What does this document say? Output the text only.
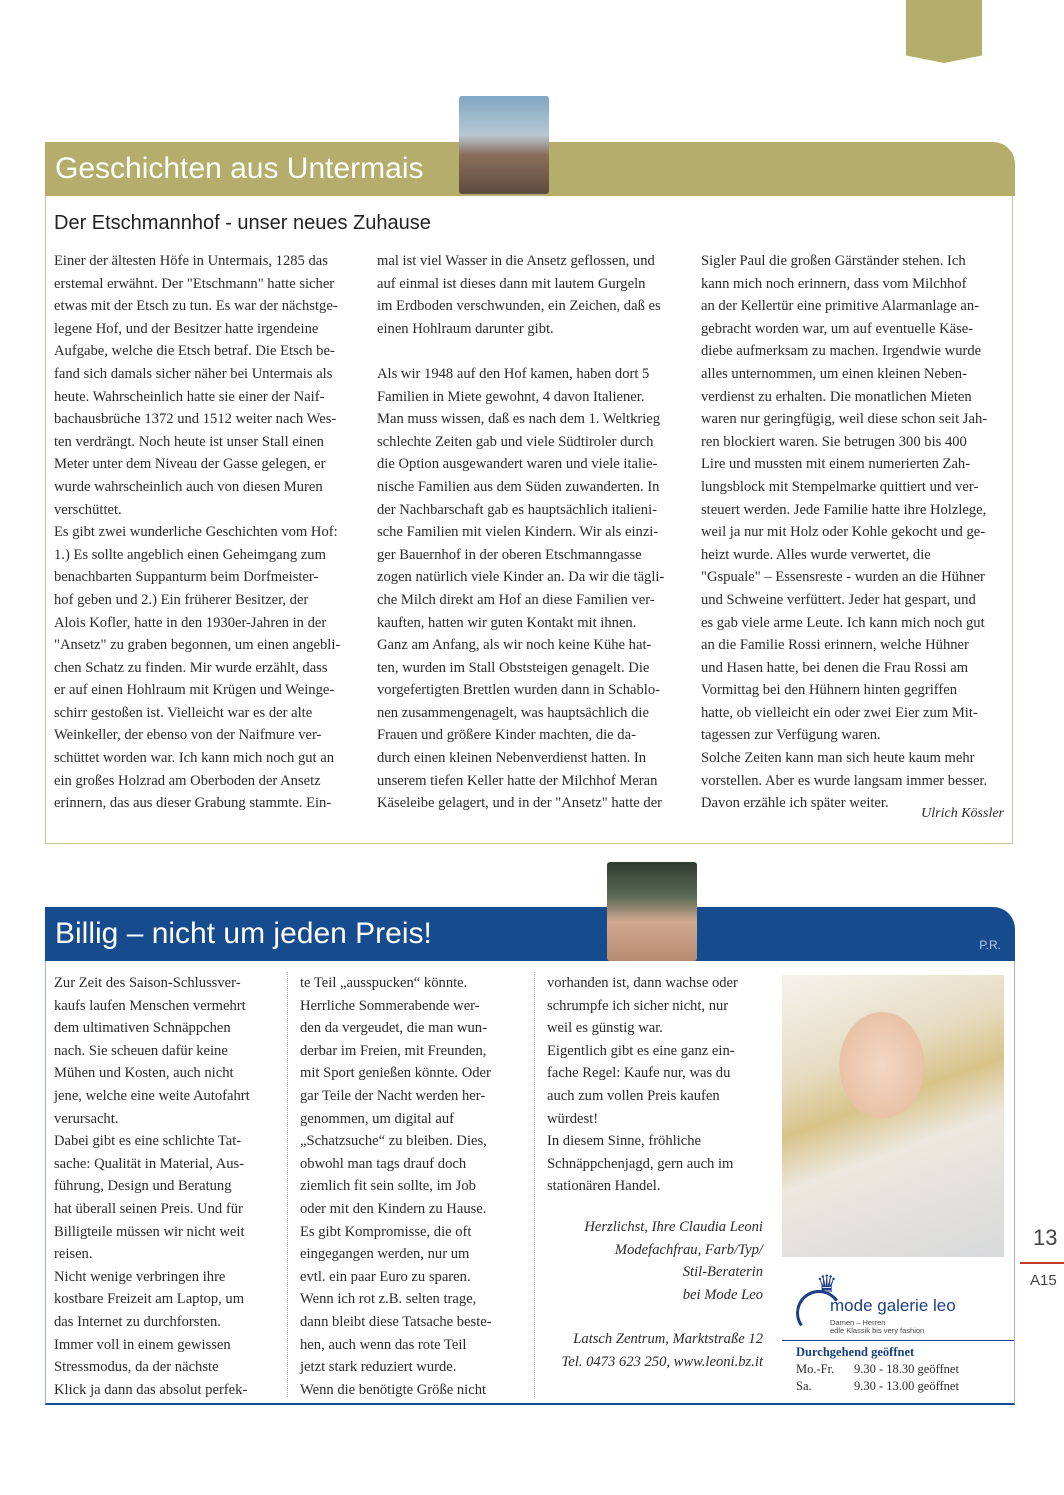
Geschichten aus Untermais
Der Etschmannhof - unser neues Zuhause
Einer der ältesten Höfe in Untermais, 1285 das
erstemal erwähnt. Der "Etschmann" hatte sicher
etwas mit der Etsch zu tun. Es war der nächstge-
legene Hof, und der Besitzer hatte irgendeine
Aufgabe, welche die Etsch betraf. Die Etsch be-
fand sich damals sicher näher bei Untermais als
heute. Wahrscheinlich hatte sie einer der Naif-
bachausbrüche 1372 und 1512 weiter nach Wes-
ten verdrängt. Noch heute ist unser Stall einen
Meter unter dem Niveau der Gasse gelegen, er
wurde wahrscheinlich auch von diesen Muren
verschüttet.
Es gibt zwei wunderliche Geschichten vom Hof:
1.) Es sollte angeblich einen Geheimgang zum
benachbarten Suppanturm beim Dorfmeister-
hof geben und 2.) Ein früherer Besitzer, der
Alois Kofler, hatte in den 1930er-Jahren in der
"Ansetz" zu graben begonnen, um einen angebli-
chen Schatz zu finden. Mir wurde erzählt, dass
er auf einen Hohlraum mit Krügen und Weinge-
schirr gestoßen ist. Vielleicht war es der alte
Weinkeller, der ebenso von der Naifmure ver-
schüttet worden war. Ich kann mich noch gut an
ein großes Holzrad am Oberboden der Ansetz
erinnern, das aus dieser Grabung stammte. Ein-
mal ist viel Wasser in die Ansetz geflossen, und
auf einmal ist dieses dann mit lautem Gurgeln
im Erdboden verschwunden, ein Zeichen, daß es
einen Hohlraum darunter gibt.
Als wir 1948 auf den Hof kamen, haben dort 5
Familien in Miete gewohnt, 4 davon Italiener.
Man muss wissen, daß es nach dem 1. Weltkrieg
schlechte Zeiten gab und viele Südtiroler durch
die Option ausgewandert waren und viele italie-
nische Familien aus dem Süden zuwanderten. In
der Nachbarschaft gab es hauptsächlich italieni-
sche Familien mit vielen Kindern. Wir als einzi-
ger Bauernhof in der oberen Etschmanngasse
zogen natürlich viele Kinder an. Da wir die tägli-
che Milch direkt am Hof an diese Familien ver-
kauften, hatten wir guten Kontakt mit ihnen.
Ganz am Anfang, als wir noch keine Kühe hat-
ten, wurden im Stall Obststeigen genagelt. Die
vorgefertigten Brettlen wurden dann in Schablo-
nen zusammengenagelt, was hauptsächlich die
Frauen und größere Kinder machten, die da-
durch einen kleinen Nebenverdienst hatten. In
unserem tiefen Keller hatte der Milchhof Meran
Käseleibe gelagert, und in der "Ansetz" hatte der
Sigler Paul die großen Gärständer stehen. Ich
kann mich noch erinnern, dass vom Milchhof
an der Kellertür eine primitive Alarmanlage an-
gebracht worden war, um auf eventuelle Käse-
diebe aufmerksam zu machen. Irgendwie wurde
alles unternommen, um einen kleinen Neben-
verdienst zu erhalten. Die monatlichen Mieten
waren nur geringfügig, weil diese schon seit Jah-
ren blockiert waren. Sie betrugen 300 bis 400
Lire und mussten mit einem numerierten Zah-
lungsblock mit Stempelmarke quittiert und ver-
steuert werden. Jede Familie hatte ihre Holzlege,
weil ja nur mit Holz oder Kohle gekocht und ge-
heizt wurde. Alles wurde verwertet, die
"Gspuale" – Essensreste - wurden an die Hühner
und Schweine verfüttert. Jeder hat gespart, und
es gab viele arme Leute. Ich kann mich noch gut
an die Familie Rossi erinnern, welche Hühner
und Hasen hatte, bei denen die Frau Rossi am
Vormittag bei den Hühnern hinten gegriffen
hatte, ob vielleicht ein oder zwei Eier zum Mit-
tagessen zur Verfügung waren.
Solche Zeiten kann man sich heute kaum mehr
vorstellen. Aber es wurde langsam immer besser.
Davon erzähle ich später weiter.
Ulrich Kössler
Billig – nicht um jeden Preis!	P.R.
Zur Zeit des Saison-Schlussver-
kaufs laufen Menschen vermehrt
dem ultimativen Schnäppchen
nach. Sie scheuen dafür keine
Mühen und Kosten, auch nicht
jene, welche eine weite Autofahrt
verursacht.
Dabei gibt es eine schlichte Tat-
sache: Qualität in Material, Aus-
führung, Design und Beratung
hat überall seinen Preis. Und für
Billigteile müssen wir nicht weit
reisen.
Nicht wenige verbringen ihre
kostbare Freizeit am Laptop, um
das Internet zu durchforsten.
Immer voll in einem gewissen
Stressmodus, da der nächste
Klick ja dann das absolut perfek-
te Teil „ausspucken“ könnte.
Herrliche Sommerabende wer-
den da vergeudet, die man wun-
derbar im Freien, mit Freunden,
mit Sport genießen könnte. Oder
gar Teile der Nacht werden her-
genommen, um digital auf
„Schatzsuche“ zu bleiben. Dies,
obwohl man tags drauf doch
ziemlich fit sein sollte, im Job
oder mit den Kindern zu Hause.
Es gibt Kompromisse, die oft
eingegangen werden, nur um
evtl. ein paar Euro zu sparen.
Wenn ich rot z.B. selten trage,
dann bleibt diese Tatsache beste-
hen, auch wenn das rote Teil
jetzt stark reduziert wurde.
Wenn die benötigte Größe nicht
vorhanden ist, dann wachse oder
schrumpfe ich sicher nicht, nur
weil es günstig war.
Eigentlich gibt es eine ganz ein-
fache Regel: Kaufe nur, was du
auch zum vollen Preis kaufen
würdest!
In diesem Sinne, fröhliche
Schnäppchenjagd, gern auch im
stationären Handel.
Herzlichst, Ihre Claudia Leoni
Modefachfrau, Farb/Typ/
Stil-Beraterin
bei Mode Leo
Latsch Zentrum, Marktstraße 12
Tel. 0473 623 250, www.leoni.bz.it
♛
mode galerie leo
Damen – Herren
edle Klassik bis very fashion
Durchgehend geöffnet
Mo.-Fr. 9.30 - 18.30 geöffnet
Sa.	9.30 - 13.00 geöffnet
13
A15
